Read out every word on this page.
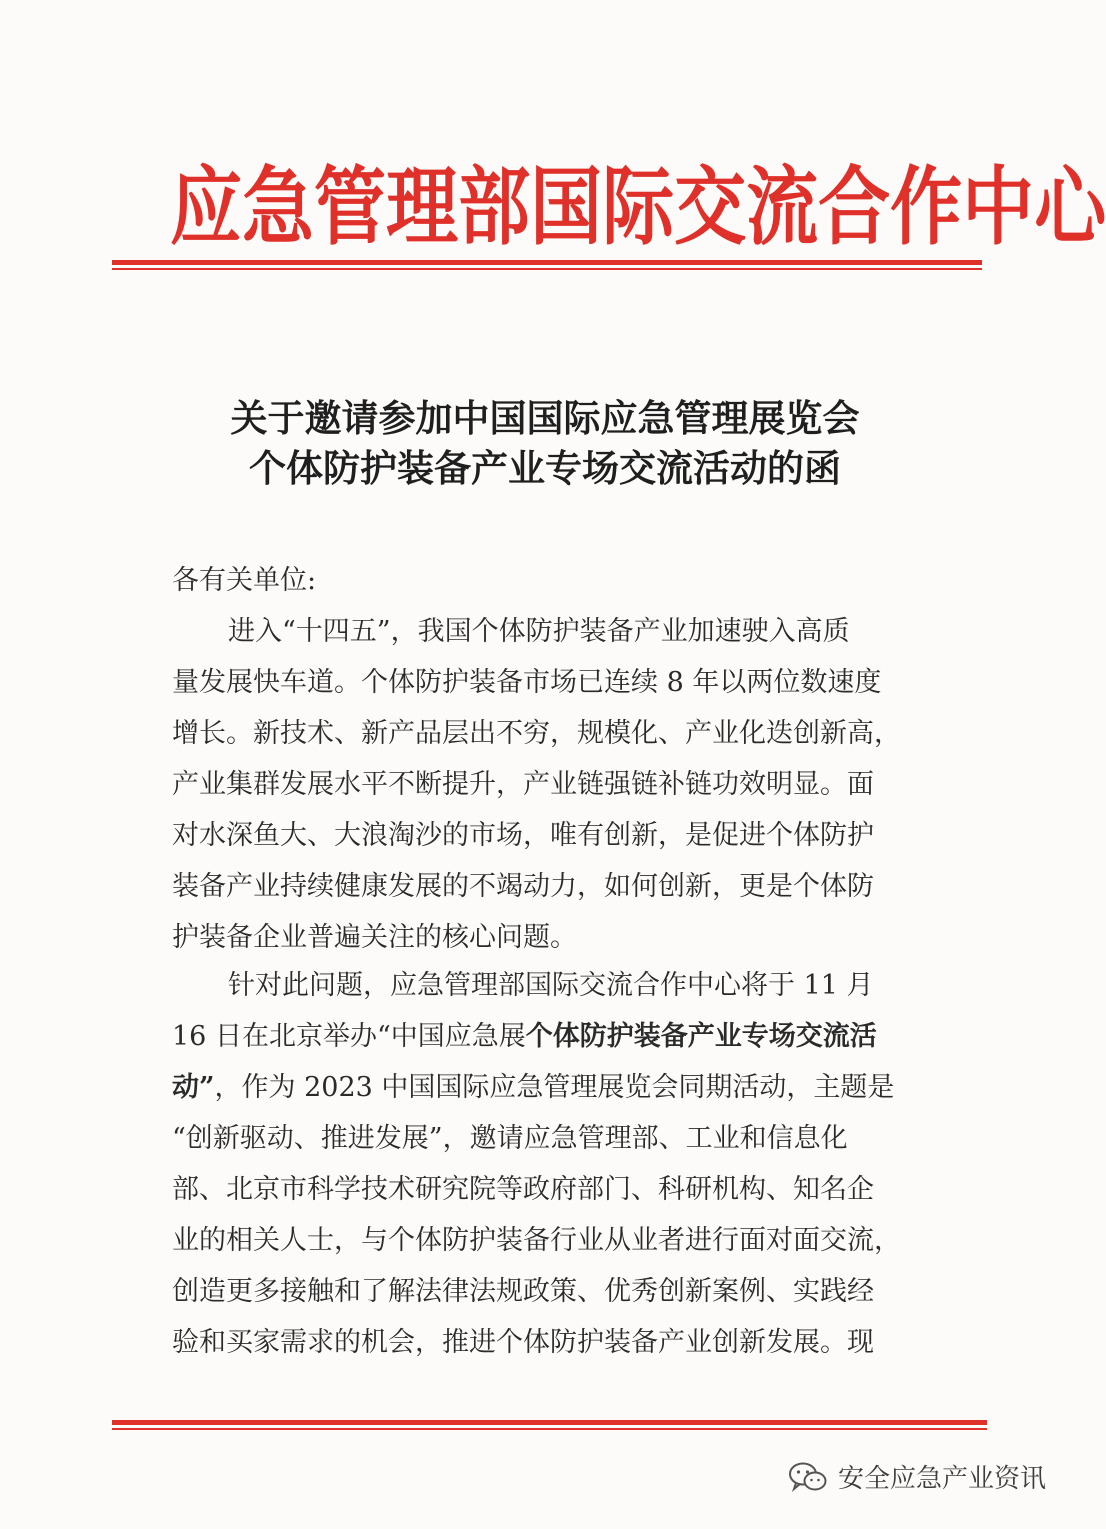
应 急 管 理 部 国 际 交 流 合 作 中 心
关于邀请参加中国国际应急管理展览会
个体防护装备产业专场交流活动的函
各有关单位:
进入“十四五”，我国个体防护装备产业加速驶入高质
量发展快车道。个体防护装备市场已连续 8 年以两位数速度
增长。新技术、新产品层出不穷，规模化、产业化迭创新高，
产业集群发展水平不断提升，产业链强链补链功效明显。面
对水深鱼大、大浪淘沙的市场，唯有创新，是促进个体防护
装备产业持续健康发展的不竭动力，如何创新，更是个体防
护装备企业普遍关注的核心问题。
针对此问题，应急管理部国际交流合作中心将于 11 月
16 日在北京举办“中国应急展个体防护装备产业专场交流活
动”，作为 2023 中国国际应急管理展览会同期活动，主题是
“创新驱动、推进发展”，邀请应急管理部、工业和信息化
部、北京市科学技术研究院等政府部门、科研机构、知名企
业的相关人士，与个体防护装备行业从业者进行面对面交流，
创造更多接触和了解法律法规政策、优秀创新案例、实践经
验和买家需求的机会，推进个体防护装备产业创新发展。现
安全应急产业资讯
